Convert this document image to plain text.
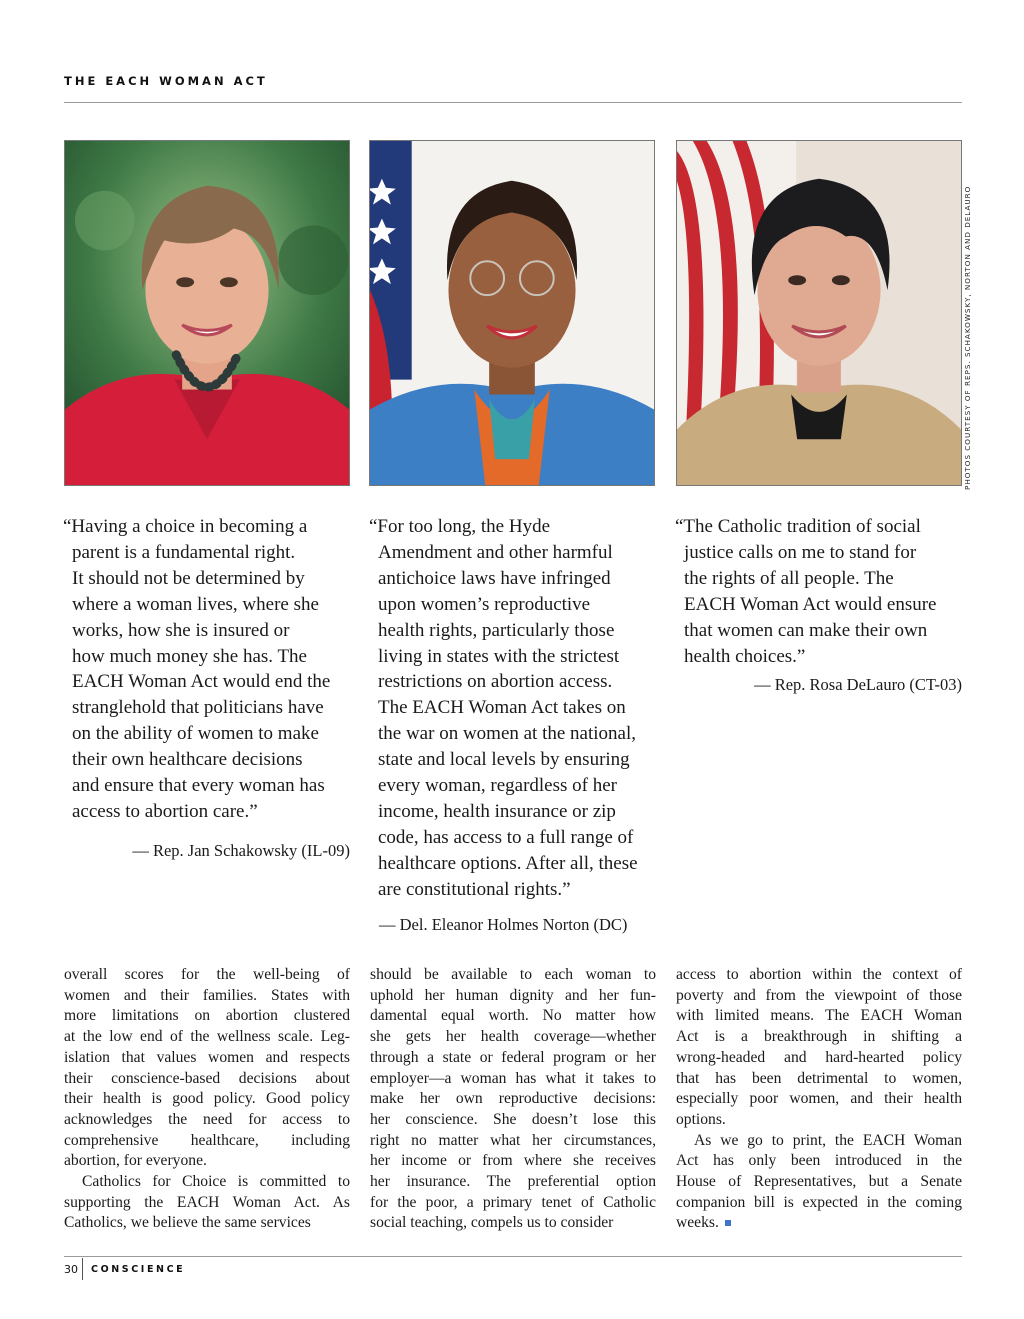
THE EACH WOMAN ACT
PHOTOS COURTESY OF REPS. SCHAKOWSKY, NORTON AND DELAURO
“Having a choice in becoming a
parent is a fundamental right.
It should not be determined by
where a woman lives, where she
works, how she is insured or
how much money she has. The
EACH Woman Act would end the
stranglehold that politicians have
on the ability of women to make
their own healthcare decisions
and ensure that every woman has
access to abortion care.”
— Rep. Jan Schakowsky (IL-09)
“For too long, the Hyde
Amendment and other harmful
antichoice laws have infringed
upon women’s reproductive
health rights, particularly those
living in states with the strictest
restrictions on abortion access.
The EACH Woman Act takes on
the war on women at the national,
state and local levels by ensuring
every woman, regardless of her
income, health insurance or zip
code, has access to a full range of
healthcare options. After all, these
are constitutional rights.”
— Del. Eleanor Holmes Norton (DC)
“The Catholic tradition of social
justice calls on me to stand for
the rights of all people. The
EACH Woman Act would ensure
that women can make their own
health choices.”
— Rep. Rosa DeLauro (CT-03)
overall scores for the well-being of
women and their families. States with
more limitations on abortion clustered
at the low end of the wellness scale. Leg-
islation that values women and respects
their conscience-based decisions about
their health is good policy. Good policy
acknowledges the need for access to
comprehensive healthcare, including
abortion, for everyone.
Catholics for Choice is committed to
supporting the EACH Woman Act. As
Catholics, we believe the same services
should be available to each woman to
uphold her human dignity and her fun-
damental equal worth. No matter how
she gets her health coverage—whether
through a state or federal program or her
employer—a woman has what it takes to
make her own reproductive decisions:
her conscience. She doesn’t lose this
right no matter what her circumstances,
her income or from where she receives
her insurance. The preferential option
for the poor, a primary tenet of Catholic
social teaching, compels us to consider
access to abortion within the context of
poverty and from the viewpoint of those
with limited means. The EACH Woman
Act is a breakthrough in shifting a
wrong-headed and hard-hearted policy
that has been detrimental to women,
especially poor women, and their health
options.
As we go to print, the EACH Woman
Act has only been introduced in the
House of Representatives, but a Senate
companion bill is expected in the coming
weeks.
30 CONSCIENCE
